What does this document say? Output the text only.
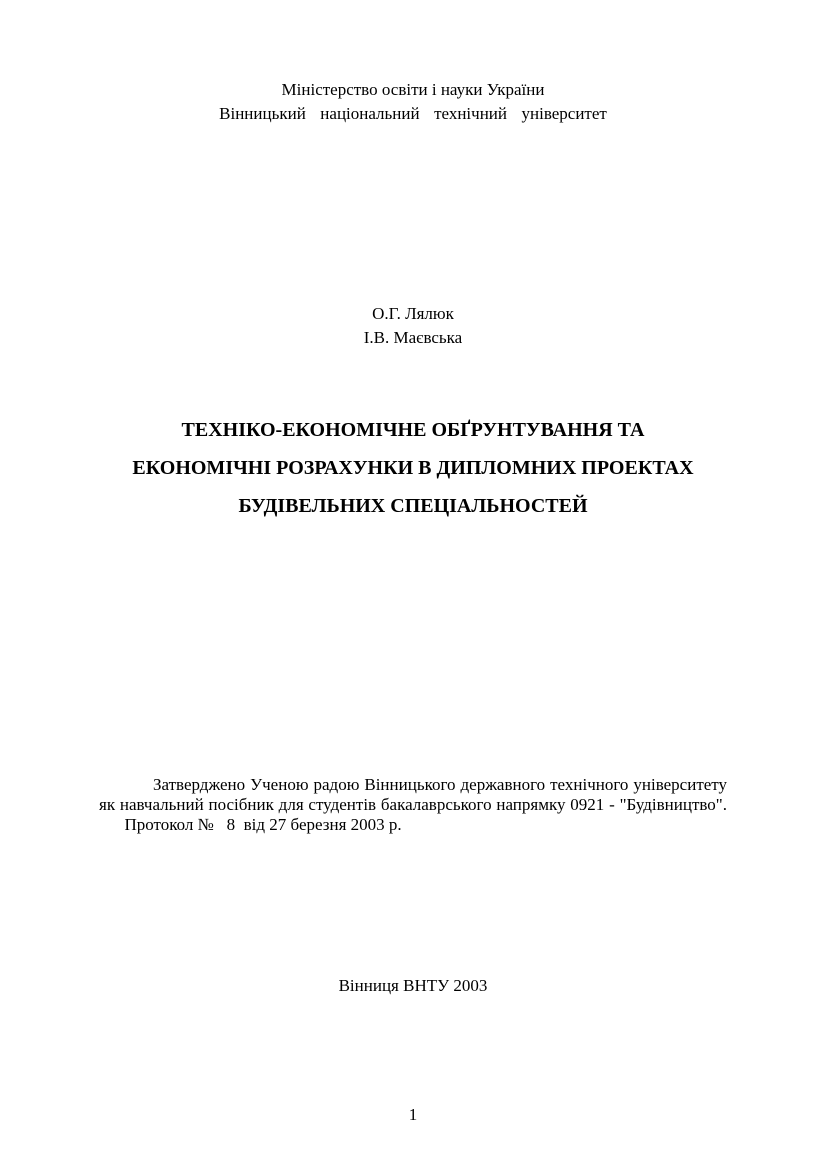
Міністерство освіти і науки України
Вінницький  національний  технічний  університет
О.Г. Лялюк
І.В. Маєвська
ТЕХНІКО-ЕКОНОМІЧНЕ ОБҐРУНТУВАННЯ ТА
ЕКОНОМІЧНІ РОЗРАХУНКИ В ДИПЛОМНИХ ПРОЕКТАХ
БУДІВЕЛЬНИХ СПЕЦІАЛЬНОСТЕЙ

Затверджено Ученою радою Вінницького державного технічного університету як навчальний посібник для студентів бакалаврського напрямку 0921 - "Будівництво".      Протокол №   8  від 27 березня 2003 р.

Вінниця ВНТУ 2003
1
